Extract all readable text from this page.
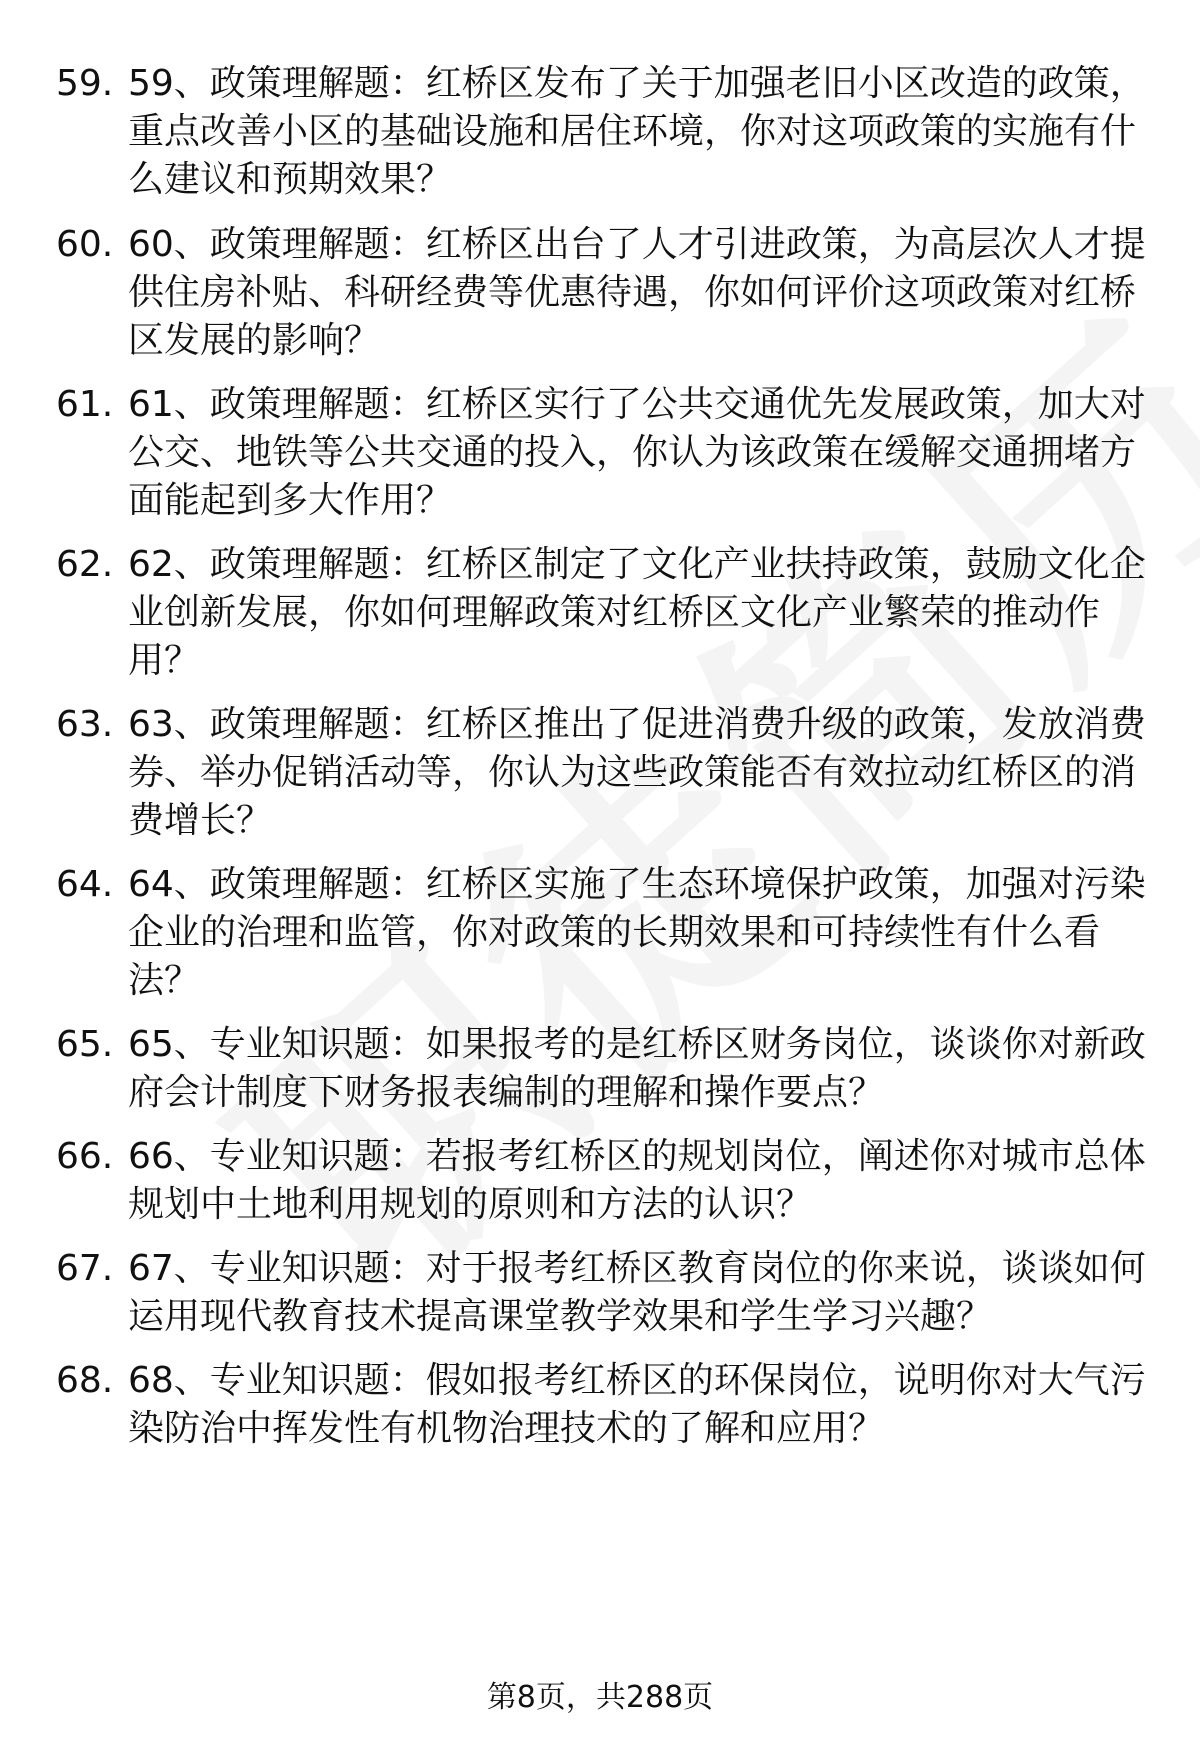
59. 59、政策理解题：红桥区发布了关于加强老旧小区改造的政策，重点改善小区的基础设施和居住环境，你对这项政策的实施有什么建议和预期效果？
60. 60、政策理解题：红桥区出台了人才引进政策，为高层次人才提供住房补贴、科研经费等优惠待遇，你如何评价这项政策对红桥区发展的影响？
61. 61、政策理解题：红桥区实行了公共交通优先发展政策，加大对公交、地铁等公共交通的投入，你认为该政策在缓解交通拥堵方面能起到多大作用？
62. 62、政策理解题：红桥区制定了文化产业扶持政策，鼓励文化企业创新发展，你如何理解政策对红桥区文化产业繁荣的推动作用？
63. 63、政策理解题：红桥区推出了促进消费升级的政策，发放消费券、举办促销活动等，你认为这些政策能否有效拉动红桥区的消费增长？
64. 64、政策理解题：红桥区实施了生态环境保护政策，加强对污染企业的治理和监管，你对政策的长期效果和可持续性有什么看法？
65. 65、专业知识题：如果报考的是红桥区财务岗位，谈谈你对新政府会计制度下财务报表编制的理解和操作要点？
66. 66、专业知识题：若报考红桥区的规划岗位，阐述你对城市总体规划中土地利用规划的原则和方法的认识？
67. 67、专业知识题：对于报考红桥区教育岗位的你来说，谈谈如何运用现代教育技术提高课堂教学效果和学生学习兴趣？
68. 68、专业知识题：假如报考红桥区的环保岗位，说明你对大气污染防治中挥发性有机物治理技术的了解和应用？
第8页，共288页
